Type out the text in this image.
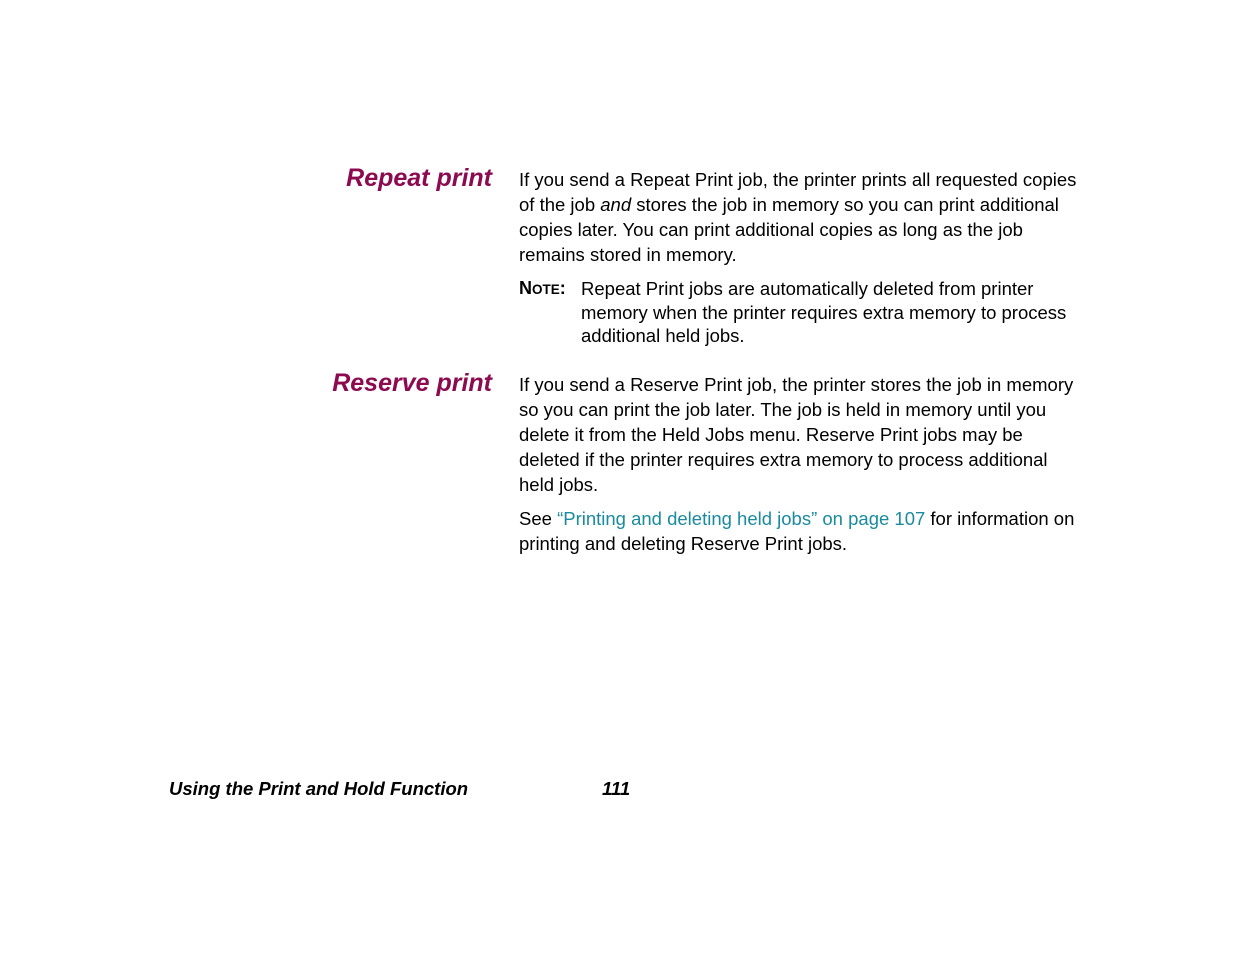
Repeat print If you send a Repeat Print job, the printer prints all requested copies
of the job and stores the job in memory so you can print additional
copies later. You can print additional copies as long as the job
remains stored in memory.
NOTE: Repeat Print jobs are automatically deleted from printer
memory when the printer requires extra memory to process
additional held jobs.
Reserve print If you send a Reserve Print job, the printer stores the job in memory
so you can print the job later. The job is held in memory until you
delete it from the Held Jobs menu. Reserve Print jobs may be
deleted if the printer requires extra memory to process additional
held jobs.
See “Printing and deleting held jobs” on page 107 for information on
printing and deleting Reserve Print jobs.
Using the Print and Hold Function	111
